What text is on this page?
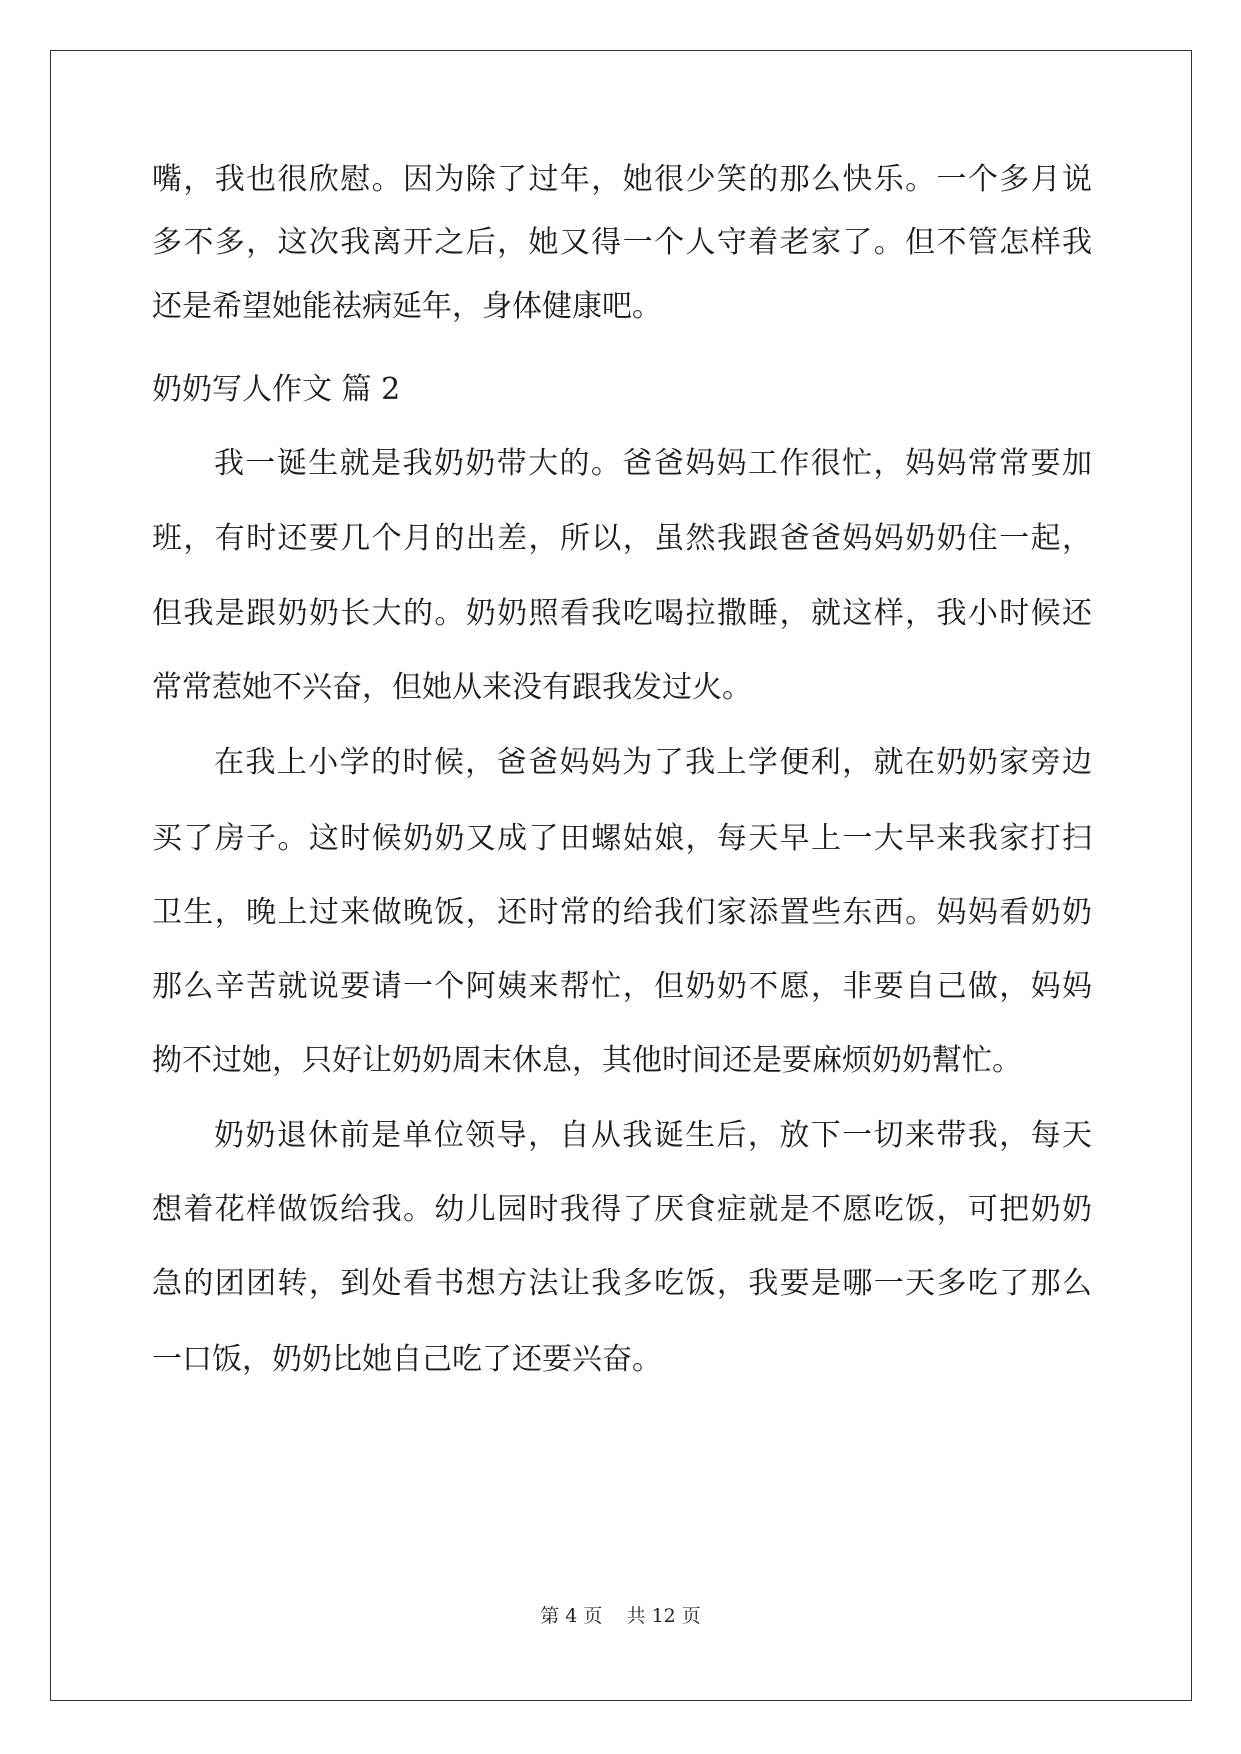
嘴，我也很欣慰。因为除了过年，她很少笑的那么快乐。一个多月说
多不多，这次我离开之后，她又得一个人守着老家了。但不管怎样我
还是希望她能祛病延年，身体健康吧。
奶奶写人作文 篇 2
我一诞生就是我奶奶带大的。爸爸妈妈工作很忙，妈妈常常要加
班，有时还要几个月的出差，所以，虽然我跟爸爸妈妈奶奶住一起，
但我是跟奶奶长大的。奶奶照看我吃喝拉撒睡，就这样，我小时候还
常常惹她不兴奋，但她从来没有跟我发过火。
在我上小学的时候，爸爸妈妈为了我上学便利，就在奶奶家旁边
买了房子。这时候奶奶又成了田螺姑娘，每天早上一大早来我家打扫
卫生，晚上过来做晚饭，还时常的给我们家添置些东西。妈妈看奶奶
那么辛苦就说要请一个阿姨来帮忙，但奶奶不愿，非要自己做，妈妈
拗不过她，只好让奶奶周末休息，其他时间还是要麻烦奶奶幫忙。
奶奶退休前是单位领导，自从我诞生后，放下一切来带我，每天
想着花样做饭给我。幼儿园时我得了厌食症就是不愿吃饭，可把奶奶
急的团团转，到处看书想方法让我多吃饭，我要是哪一天多吃了那么
一口饭，奶奶比她自己吃了还要兴奋。
第 4 页    共 12 页
